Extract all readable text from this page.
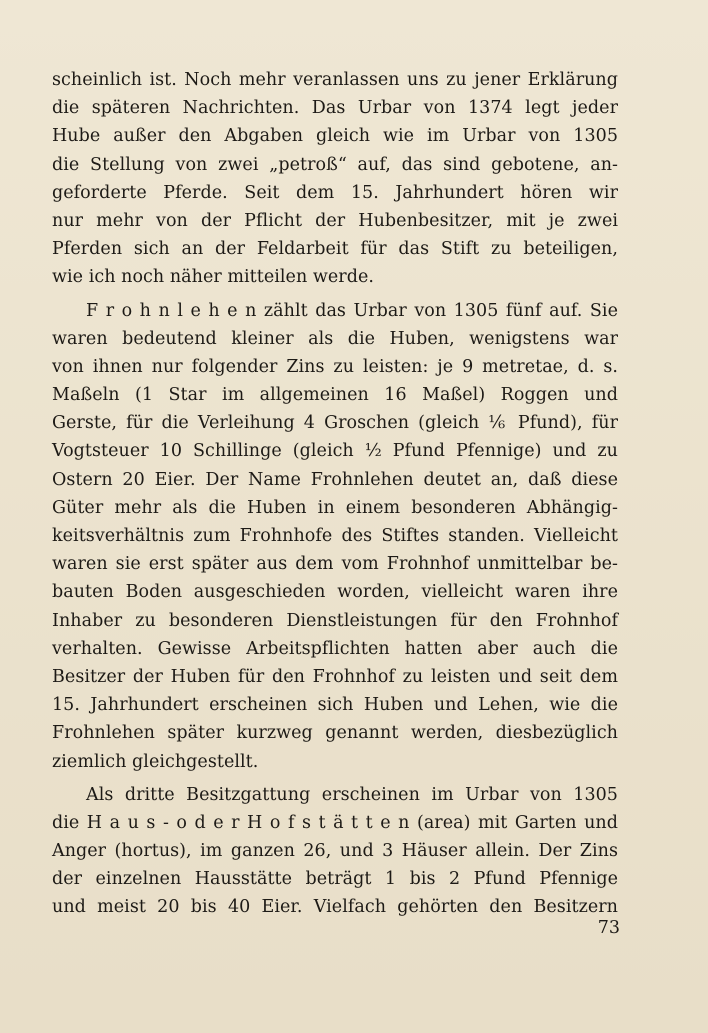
scheinlich ist. Noch mehr veranlassen uns zu jener Erklärung
die späteren Nachrichten. Das Urbar von 1374 legt jeder
Hube außer den Abgaben gleich wie im Urbar von 1305
die Stellung von zwei „petroß“ auf, das sind gebotene, an-
geforderte Pferde. Seit dem 15. Jahrhundert hören wir
nur mehr von der Pflicht der Hubenbesitzer, mit je zwei
Pferden sich an der Feldarbeit für das Stift zu beteiligen,
wie ich noch näher mitteilen werde.
F r o h n l e h e n zählt das Urbar von 1305 fünf auf. Sie
waren bedeutend kleiner als die Huben, wenigstens war
von ihnen nur folgender Zins zu leisten: je 9 metretae, d. s.
Maßeln (1 Star im allgemeinen 16 Maßel) Roggen und
Gerste, für die Verleihung 4 Groschen (gleich ⅙ Pfund), für
Vogtsteuer 10 Schillinge (gleich ½ Pfund Pfennige) und zu
Ostern 20 Eier. Der Name Frohnlehen deutet an, daß diese
Güter mehr als die Huben in einem besonderen Abhängig-
keitsverhältnis zum Frohnhofe des Stiftes standen. Vielleicht
waren sie erst später aus dem vom Frohnhof unmittelbar be-
bauten Boden ausgeschieden worden, vielleicht waren ihre
Inhaber zu besonderen Dienstleistungen für den Frohnhof
verhalten. Gewisse Arbeitspflichten hatten aber auch die
Besitzer der Huben für den Frohnhof zu leisten und seit dem
15. Jahrhundert erscheinen sich Huben und Lehen, wie die
Frohnlehen später kurzweg genannt werden, diesbezüglich
ziemlich gleichgestellt.
Als dritte Besitzgattung erscheinen im Urbar von 1305
die H a u s - o d e r H o f s t ä t t e n (area) mit Garten und
Anger (hortus), im ganzen 26, und 3 Häuser allein. Der Zins
der einzelnen Hausstätte beträgt 1 bis 2 Pfund Pfennige
und meist 20 bis 40 Eier. Vielfach gehörten den Besitzern
73
